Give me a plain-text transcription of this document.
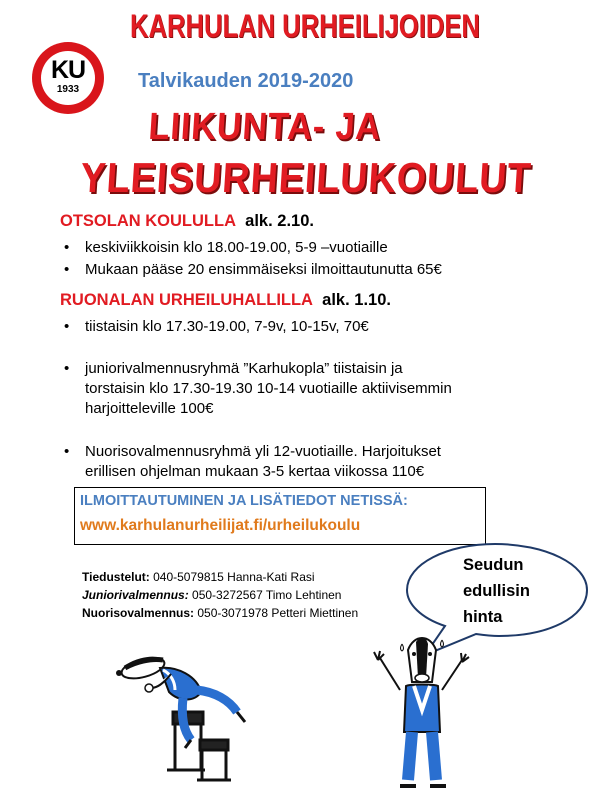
KU
1933
KARHULAN URHEILIJOIDEN
Talvikauden 2019-2020
LIIKUNTA- JA
YLEISURHEILUKOULUT
OTSOLAN KOULULLA alk. 2.10.
• keskiviikkoisin klo 18.00-19.00, 5-9 –vuotiaille
• Mukaan pääse 20 ensimmäiseksi ilmoittautunutta 65€
RUONALAN URHEILUHALLILLA alk. 1.10.
• tiistaisin klo 17.30-19.00, 7-9v, 10-15v, 70€
• juniorivalmennusryhmä ”Karhukopla” tiistaisin ja
torstaisin klo 17.30-19.30 10-14 vuotiaille aktiivisemmin
harjoitteleville 100€
• Nuorisovalmennusryhmä yli 12-vuotiaille. Harjoitukset
erillisen ohjelman mukaan 3-5 kertaa viikossa 110€
ILMOITTAUTUMINEN JA LISÄTIEDOT NETISSÄ:
www.karhulanurheilijat.fi/urheilukoulu
Tiedustelut: 040-5079815 Hanna-Kati Rasi
Juniorivalmennus: 050-3272567 Timo Lehtinen
Nuorisovalmennus: 050-3071978 Petteri Miettinen
Seudun
edullisin
hinta
